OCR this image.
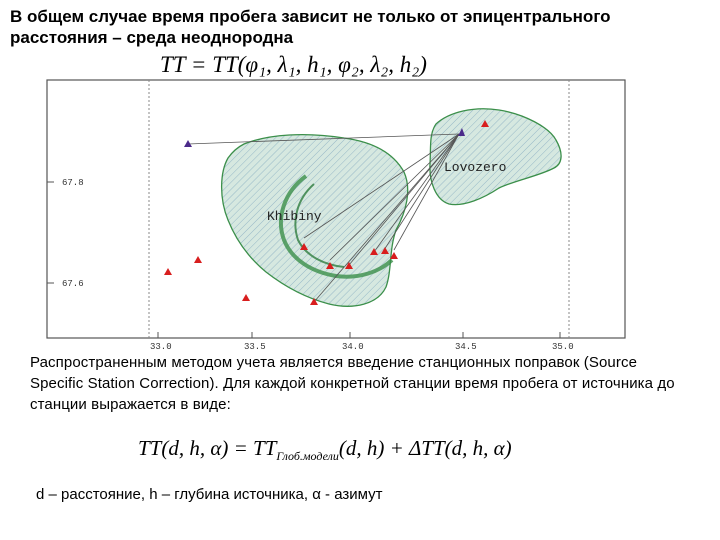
В общем случае время пробега зависит не только от эпицентрального расстояния – среда неоднородна
TT = TT(φ₁, λ₁, h₁, φ₂, λ₂, h₂)
Lovozero
Khibiny
67.8
67.6
33.0	33.5	34.0	34.5	35.0
Распространенным методом учета является введение станционных поправок (Source Specific Station Correction). Для каждой конкретной станции время пробега от источника до станции выражается в виде:
TT(d, h, $\alpha) = TT_{Глоб.модели}(d$, h) + ΔTT(d, h, α)
d – расстояние, h – глубина источника, α - азимут
